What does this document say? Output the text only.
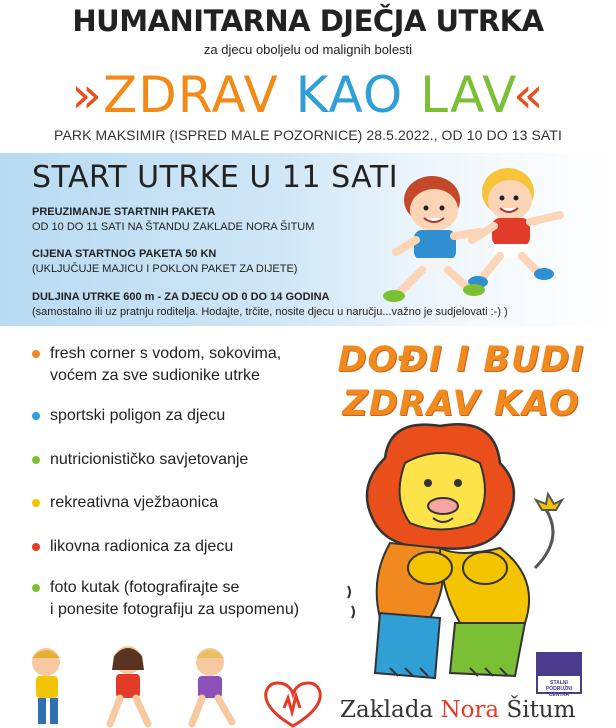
HUMANITARNA DJEČJA UTRKA
za djecu oboljelu od malignih bolesti
»ZDRAV KAO LAV«
PARK MAKSIMIR (ISPRED MALE POZORNICE) 28.5.2022., OD 10 DO 13 SATI
START UTRKE U 11 SATI
PREUZIMANJE STARTNIH PAKETA
OD 10 DO 11 SATI NA ŠTANDU ZAKLADE NORA ŠITUM
CIJENA STARTNOG PAKETA 50 KN
(UKLJUČUJE MAJICU I POKLON PAKET ZA DIJETE)
DULJINA UTRKE 600 m - ZA DJECU OD 0 DO 14 GODINA
(samostalno ili uz pratnju roditelja. Hodajte, trčite, nosite djecu u naručju...važno je sudjelovati :-) )
fresh corner s vodom, sokovima,
voćem za sve sudionike utrke
sportski poligon za djecu
nutricionističko savjetovanje
rekreativna vježbaonica
likovna radionica za djecu
foto kutak (fotografirajte se
i ponesite fotografiju za uspomenu)
DOĐI I BUDI
ZDRAV KAO
STALNI PODRUŽNI CENTAR
Zaklada Nora Šitum
